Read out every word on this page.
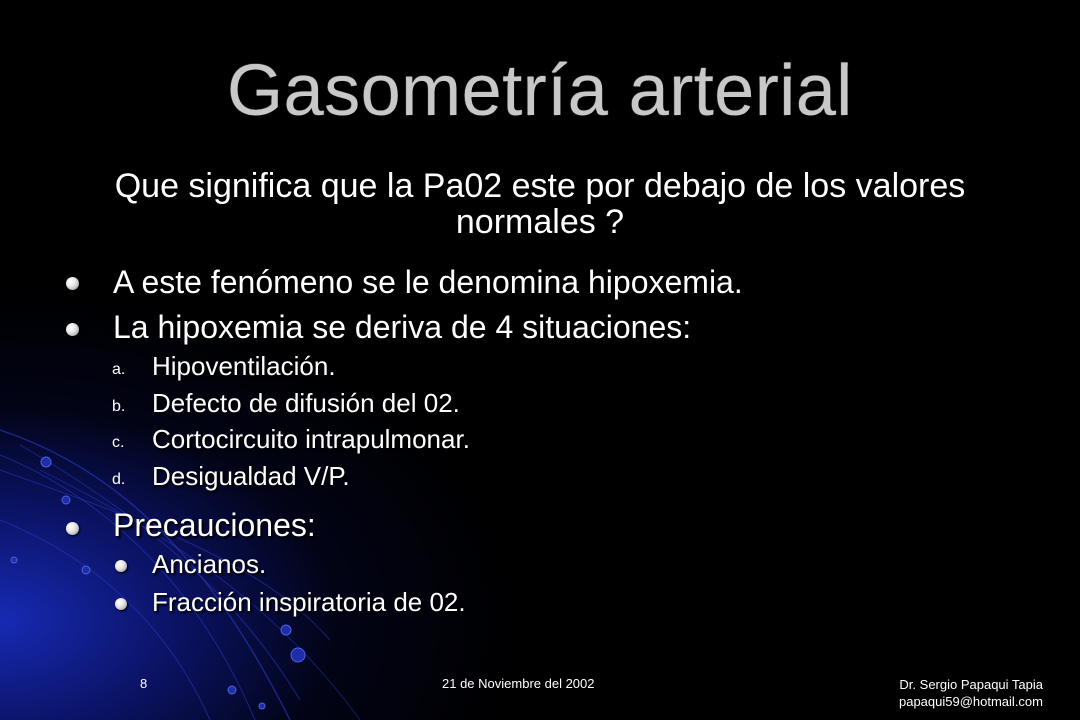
Gasometría arterial
Que significa que la Pa02 este por debajo de los valores normales ?
A este fenómeno se le denomina hipoxemia.
La hipoxemia se deriva de 4 situaciones:
a. Hipoventilación.
b. Defecto de difusión del 02.
c. Cortocircuito intrapulmonar.
d. Desigualdad V/P.
Precauciones:
Ancianos.
Fracción inspiratoria de 02.
8	21 de Noviembre del 2002	Dr. Sergio Papaqui Tapia
papaqui59@hotmail.com
